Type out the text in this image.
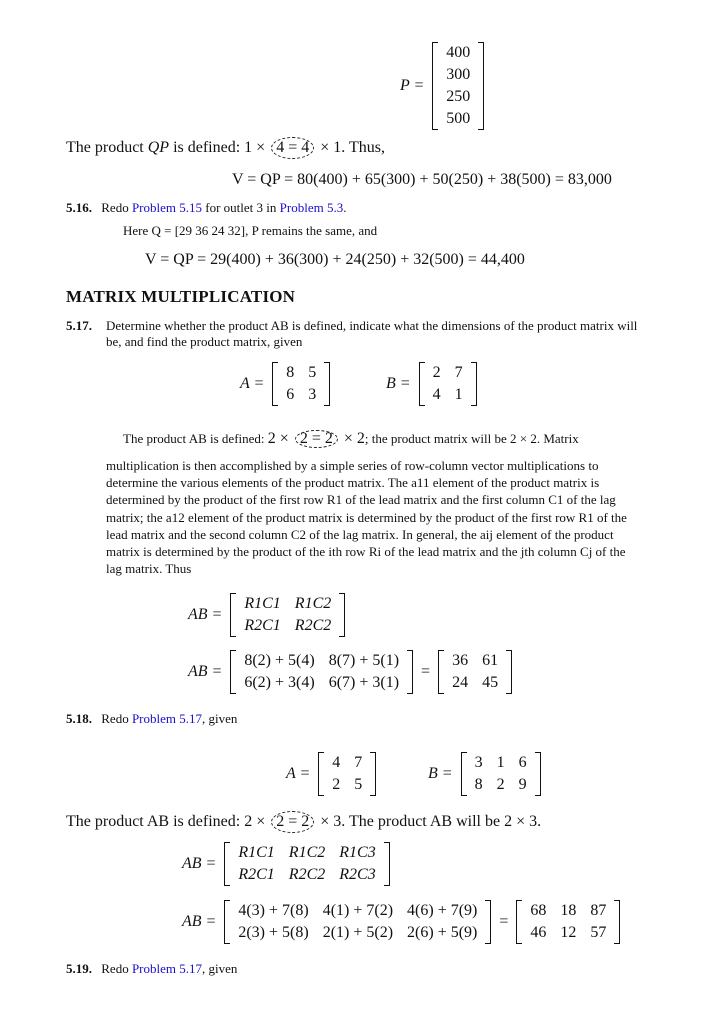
P =
400
300
250
500
The product QP is defined: 1 × 4 = 4 × 1. Thus,
V = QP = 80(400) + 65(300) + 50(250) + 38(500) = 83,000
5.16. Redo Problem 5.15 for outlet 3 in Problem 5.3.
Here Q = [29 36 24 32], P remains the same, and
V = QP = 29(400) + 36(300) + 24(250) + 32(500) = 44,400
MATRIX MULTIPLICATION
5.17.	Determine whether the product AB is defined, indicate what the dimensions of the product matrix will be, and find the product matrix, given
A =
8	5
6	3
B =
2	7
4	1
The product AB is defined: 2 × 2 = 2 × 2; the product matrix will be 2 × 2. Matrix
multiplication is then accomplished by a simple series of row-column vector multiplications to
determine the various elements of the product matrix. The a11 element of the product matrix is
determined by the product of the first row R1 of the lead matrix and the first column C1 of the lag
matrix; the a12 element of the product matrix is determined by the product of the first row R1 of the
lead matrix and the second column C2 of the lag matrix. In general, the aij element of the product
matrix is determined by the product of the ith row Ri of the lead matrix and the jth column Cj of the
lag matrix. Thus
AB =
R1C1	R1C2
R2C1	R2C2
AB =
8(2) + 5(4)	8(7) + 5(1)
6(2) + 3(4)	6(7) + 3(1)
=
36	61
24	45
5.18. Redo Problem 5.17, given
A =
4	7
2	5
B =
3	1	6
8	2	9
The product AB is defined: 2 × 2 = 2 × 3. The product AB will be 2 × 3.
AB =
R1C1	R1C2	R1C3
R2C1	R2C2	R2C3
AB =
4(3) + 7(8)	4(1) + 7(2)	4(6) + 7(9)
2(3) + 5(8)	2(1) + 5(2)	2(6) + 5(9)
=
68	18	87
46	12	57
5.19. Redo Problem 5.17, given
